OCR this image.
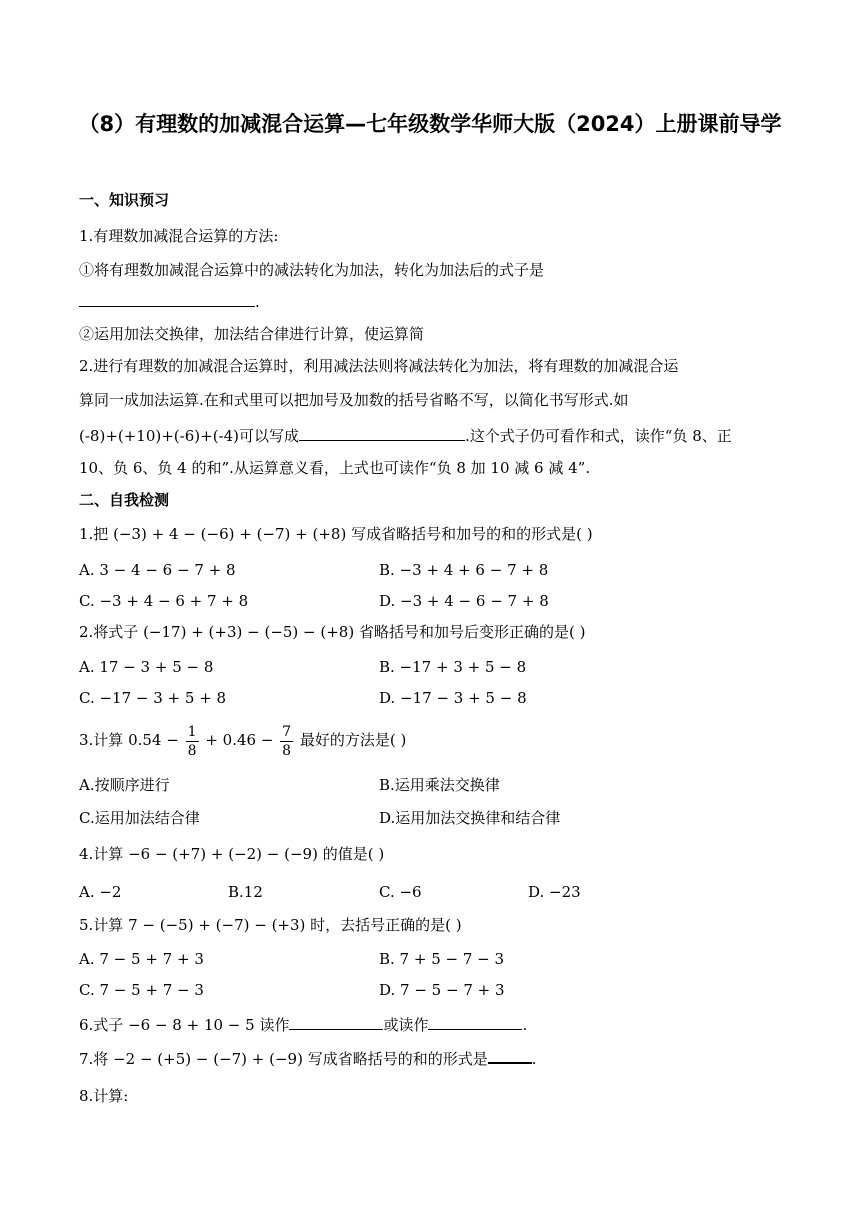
（8）有理数的加减混合运算—七年级数学华师大版（2024）上册课前导学
一、知识预习
1.有理数加减混合运算的方法:
①将有理数加减混合运算中的减法转化为加法，转化为加法后的式子是
.
②运用加法交换律，加法结合律进行计算，使运算简
2.进行有理数的加减混合运算时，利用减法法则将减法转化为加法，将有理数的加减混合运
算同一成加法运算.在和式里可以把加号及加数的括号省略不写，以简化书写形式.如
(-8)+(+10)+(-6)+(-4)可以写成	.这个式子仍可看作和式，读作“负 8、正
10、负 6、负 4 的和”.从运算意义看，上式也可读作“负 8 加 10 减 6 减 4”.
二、自我检测
1.把 (−3) + 4 − (−6) + (−7) + (+8) 写成省略括号和加号的和的形式是( )
A. 3 − 4 − 6 − 7 + 8	B. −3 + 4 + 6 − 7 + 8
C. −3 + 4 − 6 + 7 + 8	D. −3 + 4 − 6 − 7 + 8
2.将式子 (−17) + (+3) − (−5) − (+8) 省略括号和加号后变形正确的是( )
A. 17 − 3 + 5 − 8	B. −17 + 3 + 5 − 8
C. −17 − 3 + 5 + 8	D. −17 − 3 + 5 − 8
3.计算 $0.54 - \frac{1}{8} + 0.46 - \frac{7}{8}$ 最好的方法是( )
A.按顺序进行	B.运用乘法交换律
C.运用加法结合律	D.运用加法交换律和结合律
4.计算 −6 − (+7) + (−2) − (−9) 的值是( )
A. −2	B.12	C. −6	D. −23
5.计算 7 − (−5) + (−7) − (+3) 时，去括号正确的是( )
A. 7 − 5 + 7 + 3	B. 7 + 5 − 7 − 3
C. 7 − 5 + 7 − 3	D. 7 − 5 − 7 + 3
6.式子 −6 − 8 + 10 − 5 读作	或读作	.
7.将 −2 − (+5) − (−7) + (−9) 写成省略括号的和的形式是	.
8.计算:
